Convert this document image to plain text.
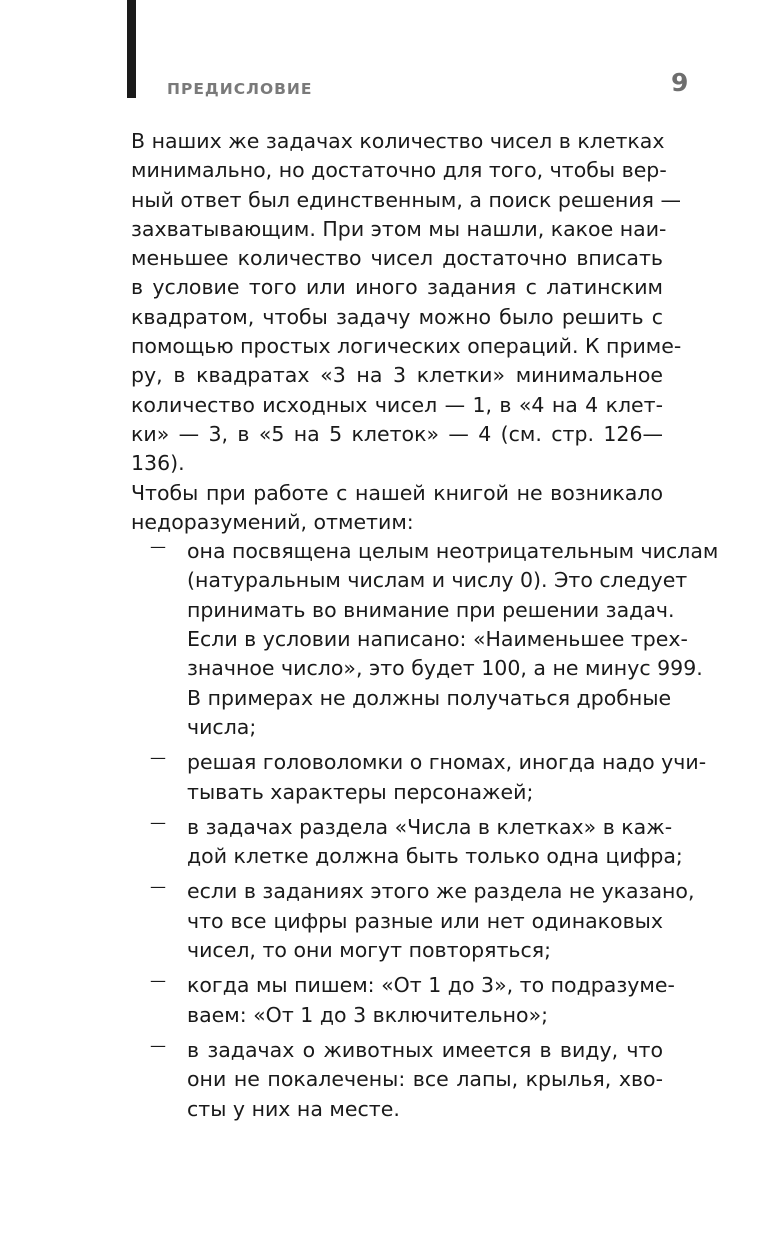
ПРЕДИСЛОВИЕ	9
В наших же задачах количество чисел в клетках
минимально, но достаточно для того, чтобы вер-
ный ответ был единственным, а поиск решения —
захватывающим. При этом мы нашли, какое наи-
меньшее количество чисел достаточно вписать
в условие того или иного задания с латинским
квадратом, чтобы задачу можно было решить с
помощью простых логических операций. К приме-
ру, в квадратах «3 на 3 клетки» минимальное
количество исходных чисел — 1, в «4 на 4 клет-
ки» — 3, в «5 на 5 клеток» — 4 (см. стр. 126—
136).
Чтобы при работе с нашей книгой не возникало
недоразумений, отметим:
— она посвящена целым неотрицательным числам
(натуральным числам и числу 0). Это следует
принимать во внимание при решении задач.
Если в условии написано: «Наименьшее трех-
значное число», это будет 100, а не минус 999.
В примерах не должны получаться дробные
числа;
— решая головоломки о гномах, иногда надо учи-
тывать характеры персонажей;
— в задачах раздела «Числа в клетках» в каж-
дой клетке должна быть только одна цифра;
— если в заданиях этого же раздела не указано,
что все цифры разные или нет одинаковых
чисел, то они могут повторяться;
— когда мы пишем: «От 1 до 3», то подразуме-
ваем: «От 1 до 3 включительно»;
— в задачах о животных имеется в виду, что
они не покалечены: все лапы, крылья, хво-
сты у них на месте.
